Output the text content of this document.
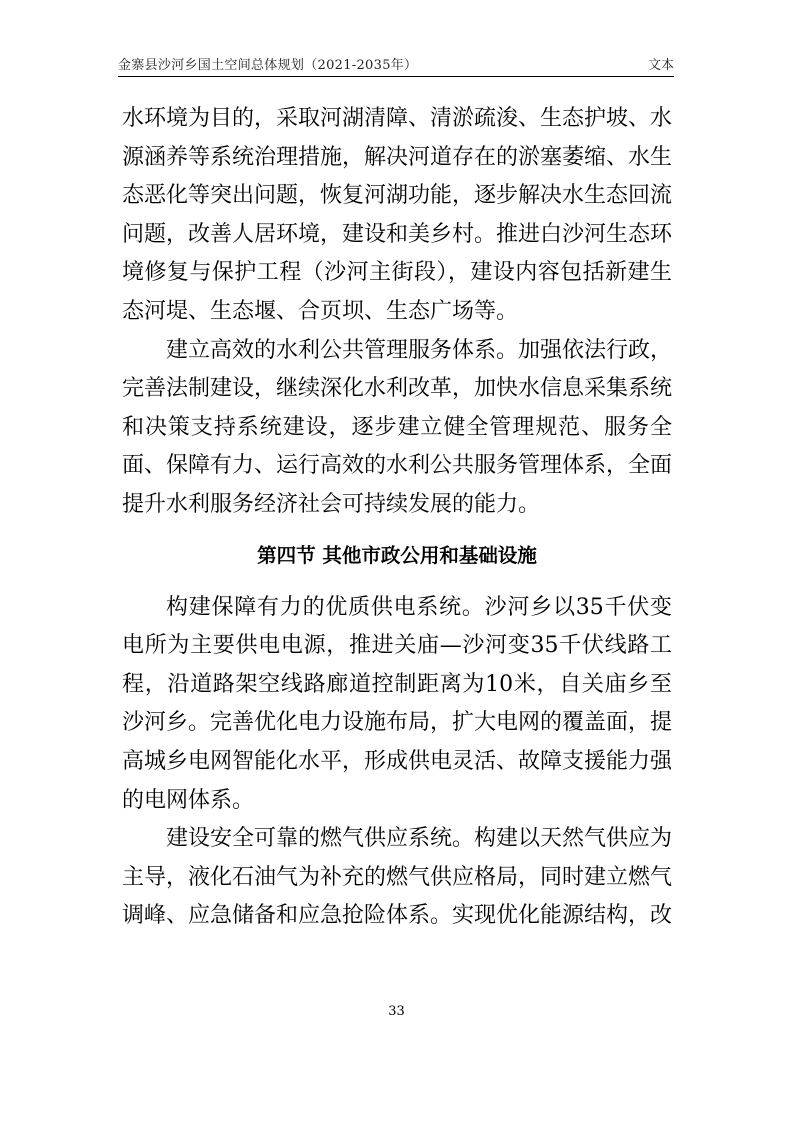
金寨县沙河乡国土空间总体规划（2021-2035年）	文本

水环境为目的，采取河湖清障、清淤疏浚、生态护坡、水源涵养等系统治理措施，解决河道存在的淤塞萎缩、水生态恶化等突出问题，恢复河湖功能，逐步解决水生态回流问题，改善人居环境，建设和美乡村。推进白沙河生态环境修复与保护工程（沙河主街段），建设内容包括新建生态河堤、生态堰、合页坝、生态广场等。

建立高效的水利公共管理服务体系。加强依法行政，完善法制建设，继续深化水利改革，加快水信息采集系统和决策支持系统建设，逐步建立健全管理规范、服务全面、保障有力、运行高效的水利公共服务管理体系，全面提升水利服务经济社会可持续发展的能力。

第四节 其他市政公用和基础设施

构建保障有力的优质供电系统。沙河乡以35千伏变电所为主要供电电源，推进关庙—沙河变35千伏线路工程，沿道路架空线路廊道控制距离为10米，自关庙乡至沙河乡。完善优化电力设施布局，扩大电网的覆盖面，提高城乡电网智能化水平，形成供电灵活、故障支援能力强的电网体系。

建设安全可靠的燃气供应系统。构建以天然气供应为主导，液化石油气为补充的燃气供应格局，同时建立燃气调峰、应急储备和应急抢险体系。实现优化能源结构，改

33
